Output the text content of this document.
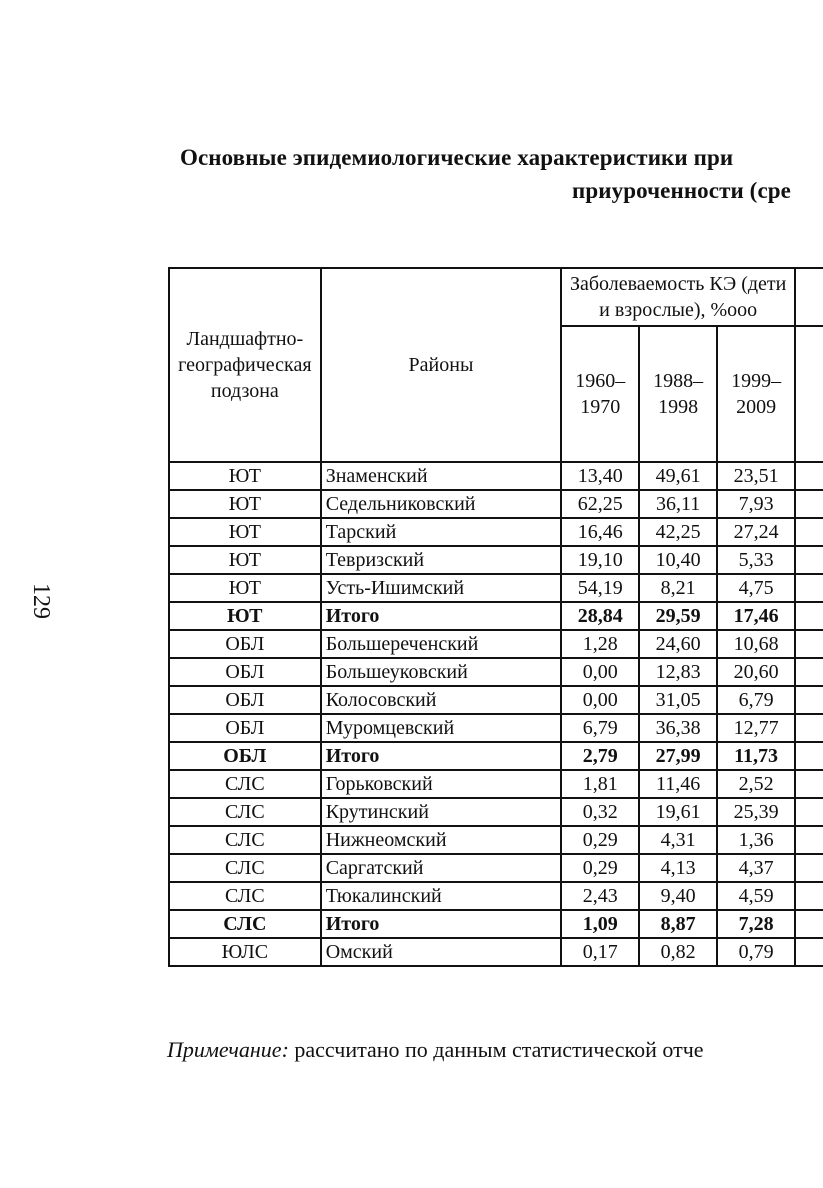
Основные эпидемиологические характеристики при
приуроченности (сре
129
Ландшафтно-географическая подзона	Районы	Заболеваемость КЭ (дети и взрослые), %ooo			
		1960–1970	1988–1998	1999–2009	
ЮТ	Знаменский	13,40	49,61	23,51	
ЮТ	Седельниковский	62,25	36,11	7,93	
ЮТ	Тарский	16,46	42,25	27,24	
ЮТ	Тевризский	19,10	10,40	5,33	
ЮТ	Усть-Ишимский	54,19	8,21	4,75	
ЮТ	Итого	28,84	29,59	17,46	
ОБЛ	Большереченский	1,28	24,60	10,68	
ОБЛ	Большеуковский	0,00	12,83	20,60	
ОБЛ	Колосовский	0,00	31,05	6,79	
ОБЛ	Муромцевский	6,79	36,38	12,77	
ОБЛ	Итого	2,79	27,99	11,73	
СЛС	Горьковский	1,81	11,46	2,52	
СЛС	Крутинский	0,32	19,61	25,39	
СЛС	Нижнеомский	0,29	4,31	1,36	
СЛС	Саргатский	0,29	4,13	4,37	
СЛС	Тюкалинский	2,43	9,40	4,59	
СЛС	Итого	1,09	8,87	7,28	
ЮЛС	Омский	0,17	0,82	0,79	
Примечание: рассчитано по данным статистической отче
